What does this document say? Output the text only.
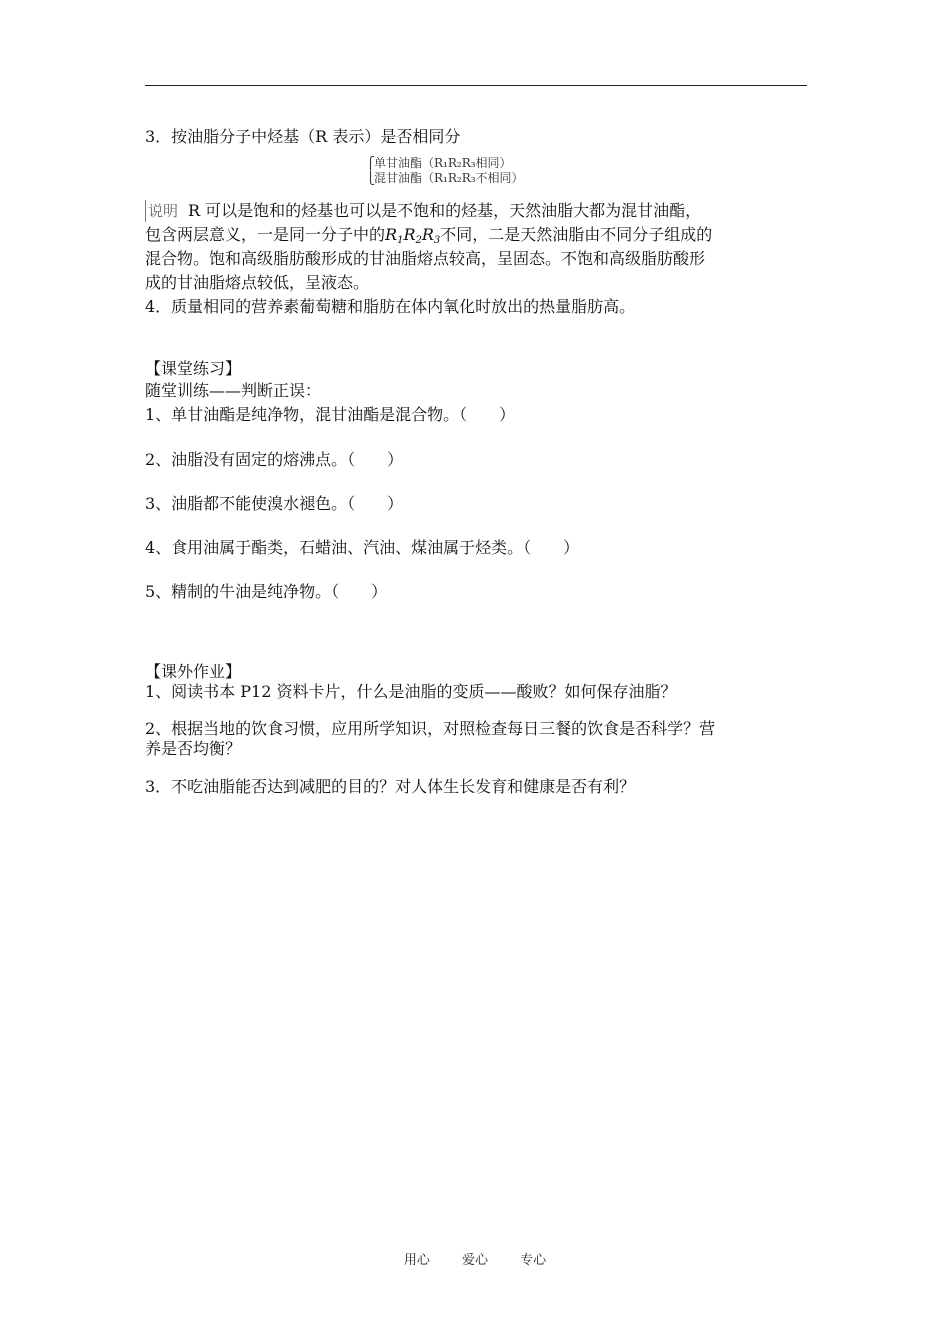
3．按油脂分子中烃基（R 表示）是否相同分
⎧单甘油酯（R₁R₂R₃相同）
⎩混甘油酯（R₁R₂R₃不相同）
说明 R 可以是饱和的烃基也可以是不饱和的烃基，天然油脂大都为混甘油酯，
包含两层意义，一是同一分子中的$R_1R_2R_3$不同，二是天然油脂由不同分子组成的
混合物。饱和高级脂肪酸形成的甘油脂熔点较高，呈固态。不饱和高级脂肪酸形
成的甘油脂熔点较低，呈液态。
4．质量相同的营养素葡萄糖和脂肪在体内氧化时放出的热量脂肪高。
【课堂练习】
随堂训练——判断正误：
1、单甘油酯是纯净物，混甘油酯是混合物。（　　）
2、油脂没有固定的熔沸点。（　　）
3、油脂都不能使溴水褪色。（　　）
4、食用油属于酯类，石蜡油、汽油、煤油属于烃类。（　　）
5、精制的牛油是纯净物。（　　）
【课外作业】
1、阅读书本 P12 资料卡片，什么是油脂的变质——酸败？如何保存油脂？
2、根据当地的饮食习惯，应用所学知识，对照检查每日三餐的饮食是否科学？营
养是否均衡？
3．不吃油脂能否达到减肥的目的？对人体生长发育和健康是否有利？
用心 爱心 专心
